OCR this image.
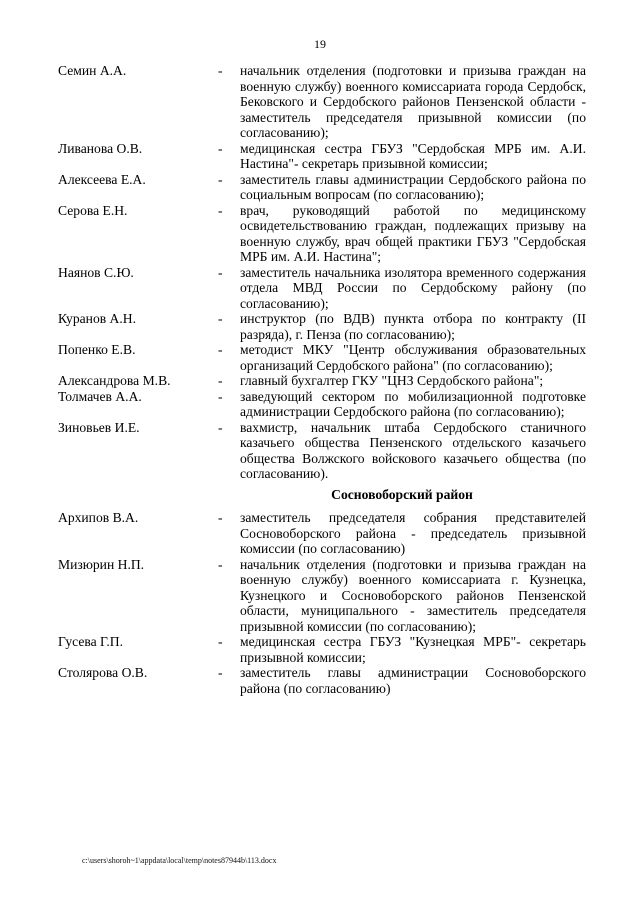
19
Семин А.А.	-	начальник отделения (подготовки и призыва граждан на военную службу) военного комиссариата города Сердобск, Бековского и Сердобского районов Пензенской области - заместитель председателя призывной комиссии (по согласованию);
Ливанова О.В.	-	медицинская сестра ГБУЗ "Сердобская МРБ им. А.И. Настина"- секретарь призывной комиссии;
Алексеева Е.А.	-	заместитель главы администрации Сердобского района по социальным вопросам (по согласованию);
Серова Е.Н.	-	врач, руководящий работой по медицинскому освидетельствованию граждан, подлежащих призыву на военную службу, врач общей практики ГБУЗ "Сердобская МРБ им. А.И. Настина";
Наянов С.Ю.	-	заместитель начальника изолятора временного содержания отдела МВД России по Сердобскому району (по согласованию);
Куранов А.Н.	-	инструктор (по ВДВ) пункта отбора по контракту (II разряда), г. Пенза (по согласованию);
Попенко Е.В.	-	методист МКУ "Центр обслуживания образовательных организаций Сердобского района" (по согласованию);
Александрова М.В.	-	главный бухгалтер ГКУ "ЦНЗ Сердобского района";
Толмачев А.А.	-	заведующий сектором по мобилизационной подготовке администрации Сердобского района (по согласованию);
Зиновьев И.Е.	-	вахмистр, начальник штаба Сердобского станичного казачьего общества Пензенского отдельского казачьего общества Волжского войскового казачьего общества (по согласованию).
Сосновоборский район
Архипов В.А.	-	заместитель председателя собрания представителей Сосновоборского района - председатель призывной комиссии (по согласованию)
Мизюрин Н.П.	-	начальник отделения (подготовки и призыва граждан на военную службу) военного комиссариата г. Кузнецка, Кузнецкого и Сосновоборского районов Пензенской области, муниципального - заместитель председателя призывной комиссии (по согласованию);
Гусева Г.П.	-	медицинская сестра ГБУЗ "Кузнецкая МРБ"- секретарь призывной комиссии;
Столярова О.В.	-	заместитель главы администрации Сосновоборского района (по согласованию)
c:\users\shoroh~1\appdata\local\temp\notes87944b\113.docx
